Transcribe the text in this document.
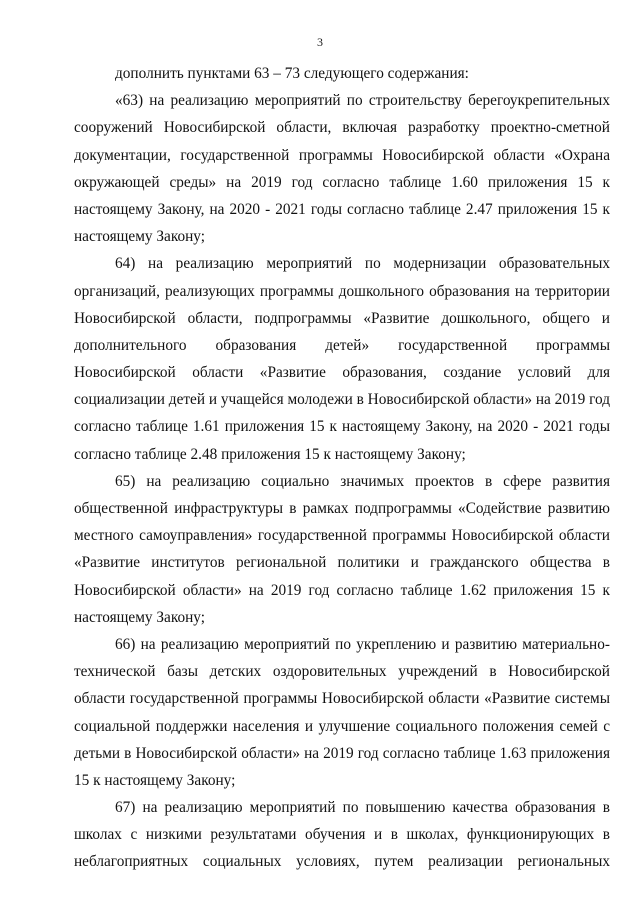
3
дополнить пунктами 63 – 73 следующего содержания:
«63) на реализацию мероприятий по строительству берегоукрепительных
сооружений Новосибирской области, включая разработку проектно-сметной
документации, государственной программы Новосибирской области «Охрана
окружающей среды» на 2019 год согласно таблице 1.60 приложения 15 к
настоящему Закону, на 2020 - 2021 годы согласно таблице 2.47 приложения 15 к
настоящему Закону;
64) на реализацию мероприятий по модернизации образовательных
организаций, реализующих программы дошкольного образования на территории
Новосибирской области, подпрограммы «Развитие дошкольного, общего и
дополнительного образования детей» государственной программы
Новосибирской области «Развитие образования, создание условий для
социализации детей и учащейся молодежи в Новосибирской области» на 2019 год
согласно таблице 1.61 приложения 15 к настоящему Закону, на 2020 - 2021 годы
согласно таблице 2.48 приложения 15 к настоящему Закону;
65) на реализацию социально значимых проектов в сфере развития
общественной инфраструктуры в рамках подпрограммы «Содействие развитию
местного самоуправления» государственной программы Новосибирской области
«Развитие институтов региональной политики и гражданского общества в
Новосибирской области» на 2019 год согласно таблице 1.62 приложения 15 к
настоящему Закону;
66) на реализацию мероприятий по укреплению и развитию материально-
технической базы детских оздоровительных учреждений в Новосибирской
области государственной программы Новосибирской области «Развитие системы
социальной поддержки населения и улучшение социального положения семей с
детьми в Новосибирской области» на 2019 год согласно таблице 1.63 приложения
15 к настоящему Закону;
67) на реализацию мероприятий по повышению качества образования в
школах с низкими результатами обучения и в школах, функционирующих в
неблагоприятных социальных условиях, путем реализации региональных
